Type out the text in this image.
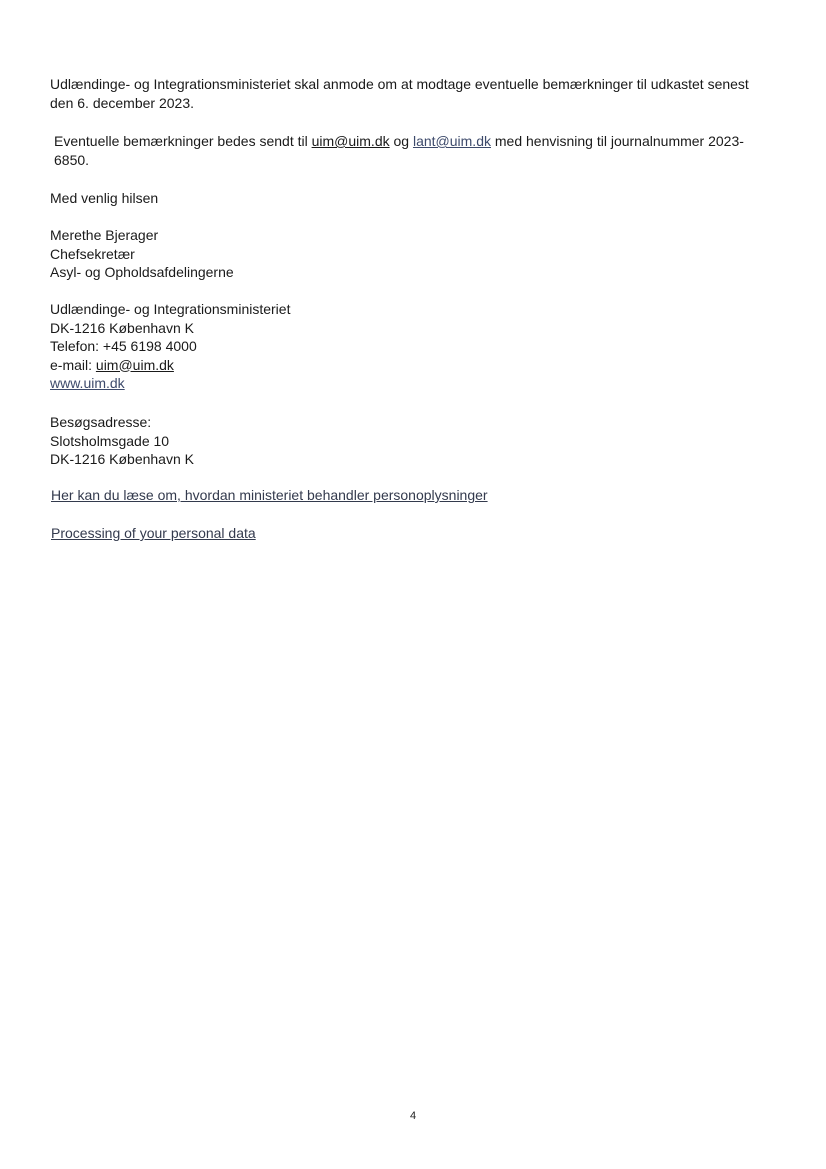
Udlændinge- og Integrationsministeriet skal anmode om at modtage eventuelle bemærkninger til udkastet senest
den 6. december 2023.
Eventuelle bemærkninger bedes sendt til uim@uim.dk og lant@uim.dk med henvisning til journalnummer 2023-
6850.
Med venlig hilsen
Merethe Bjerager
Chefsekretær
Asyl- og Opholdsafdelingerne
Udlændinge- og Integrationsministeriet
DK-1216 København K
Telefon: +45 6198 4000
e-mail: uim@uim.dk
www.uim.dk
Besøgsadresse:
Slotsholmsgade 10
DK-1216 København K
Her kan du læse om, hvordan ministeriet behandler personoplysninger
Processing of your personal data
4
